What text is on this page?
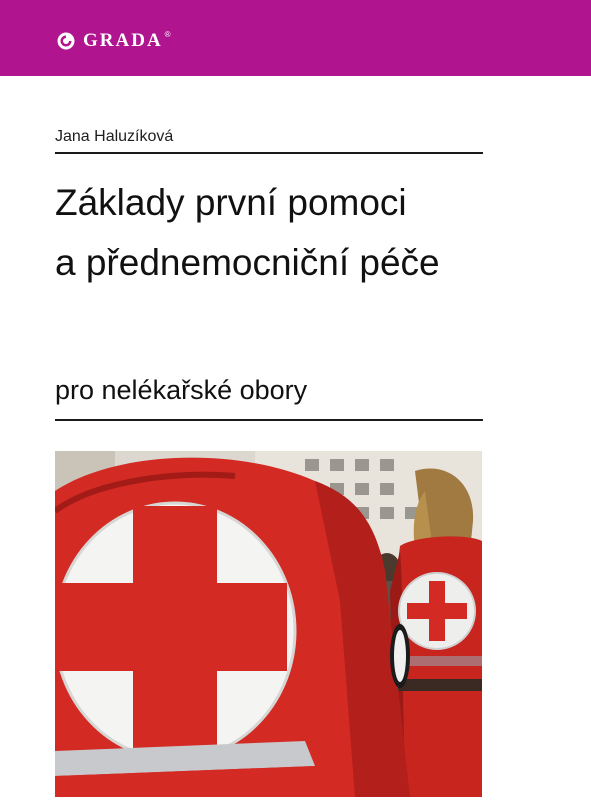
GRADA ®
Jana Haluzíková
Základy první pomoci
a přednemocniční péče
pro nelékařské obory
